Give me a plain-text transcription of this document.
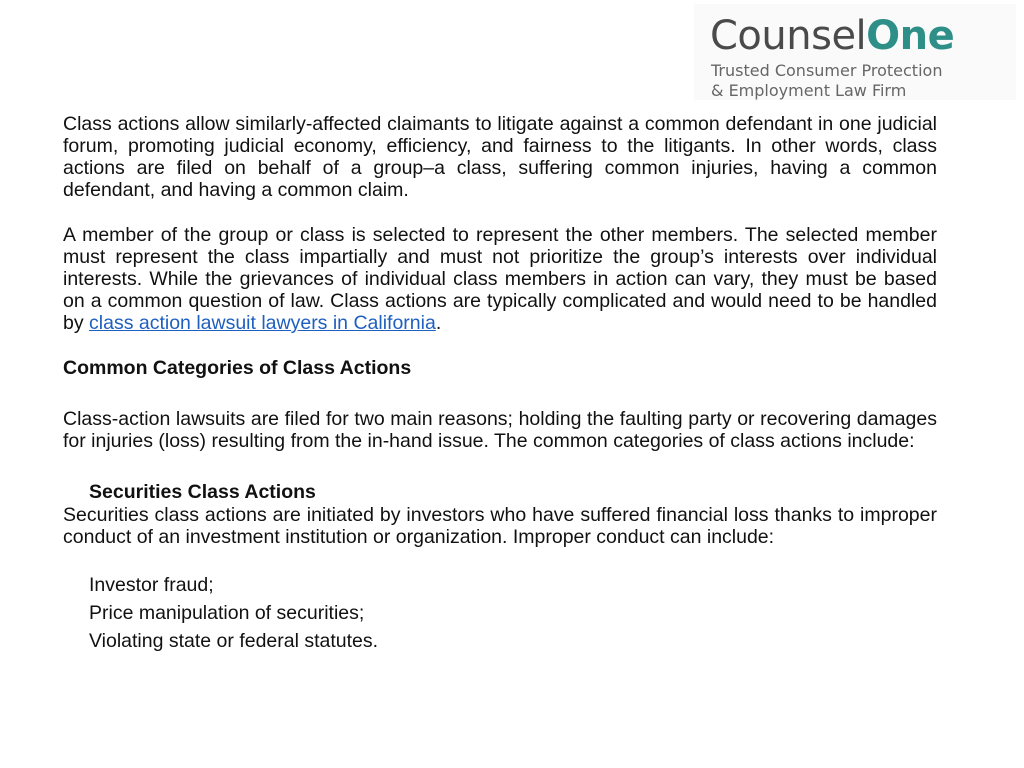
CounselOne
Trusted Consumer Protection
& Employment Law Firm

Class actions allow similarly-affected claimants to litigate against a common defendant in one judicial forum, promoting judicial economy, efficiency, and fairness to the litigants. In other words, class actions are filed on behalf of a group–a class, suffering common injuries, having a common defendant, and having a common claim.

A member of the group or class is selected to represent the other members. The selected member must represent the class impartially and must not prioritize the group’s interests over individual interests. While the grievances of individual class members in action can vary, they must be based on a common question of law. Class actions are typically complicated and would need to be handled by class action lawsuit lawyers in California.

Common Categories of Class Actions

Class-action lawsuits are filed for two main reasons; holding the faulting party or recovering damages for injuries (loss) resulting from the in-hand issue. The common categories of class actions include:

Securities Class Actions

Securities class actions are initiated by investors who have suffered financial loss thanks to improper conduct of an investment institution or organization. Improper conduct can include:

Investor fraud;
Price manipulation of securities;
Violating state or federal statutes.
